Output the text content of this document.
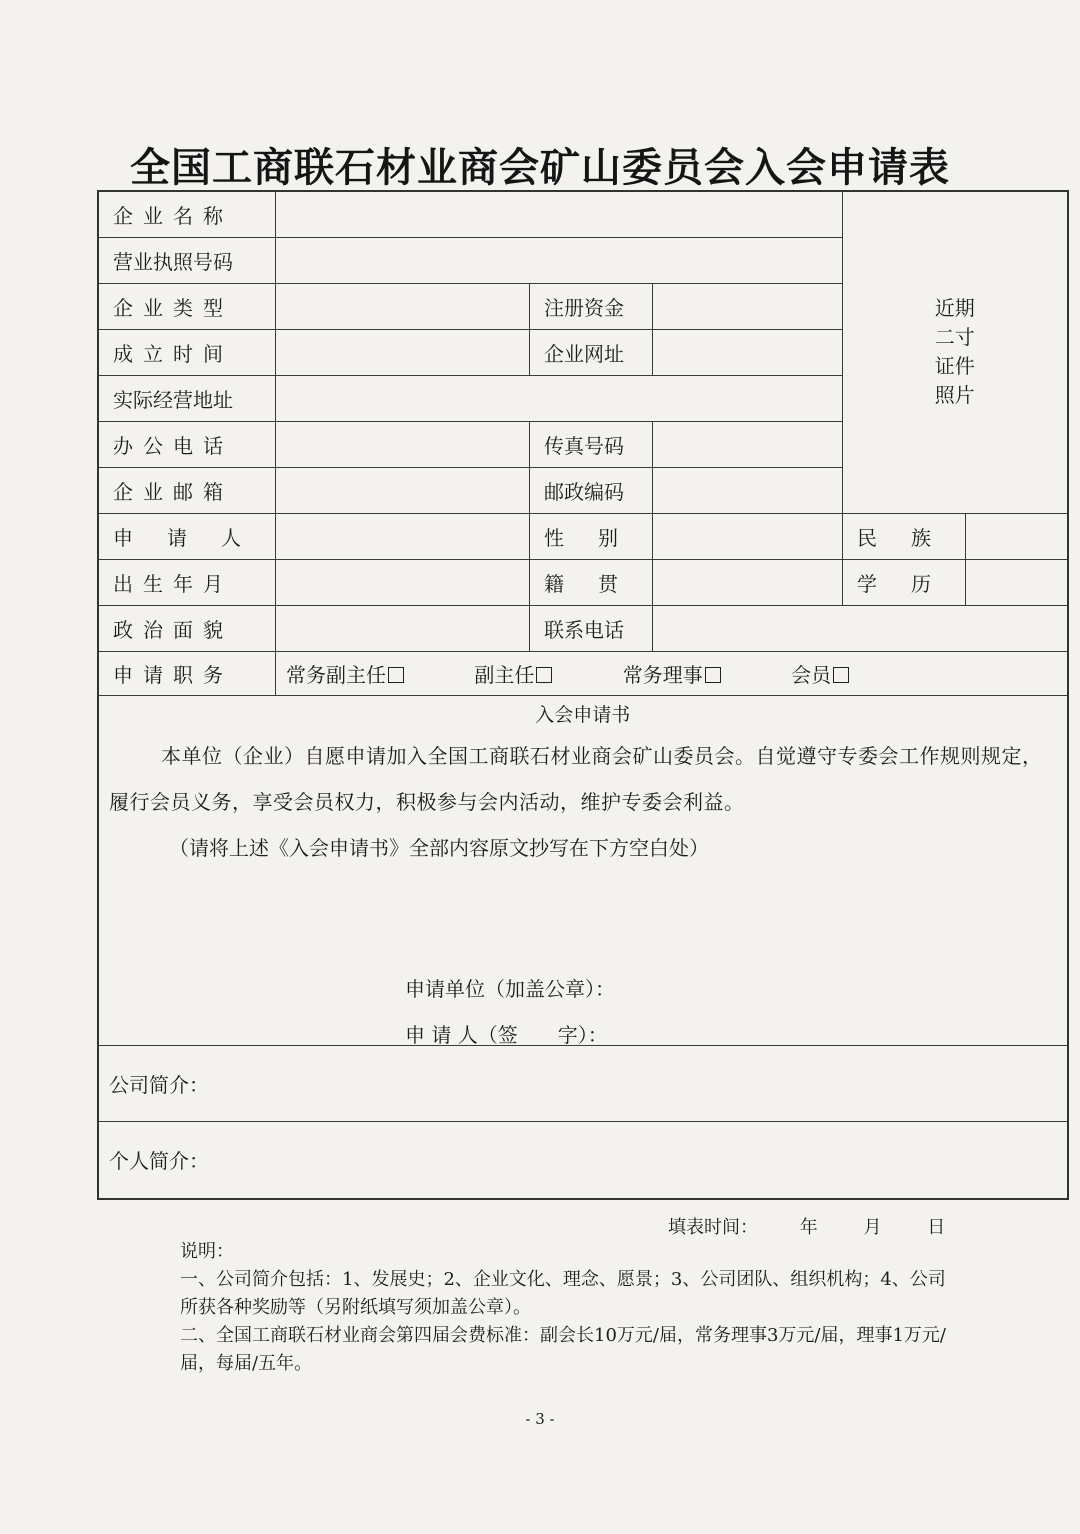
全国工商联石材业商会矿山委员会入会申请表
企业名称				近期
二寸
证件
照片	

营业执照号码					
企业类型		注册资金			
成立时间		企业网址			
实际经营地址					
办公电话		传真号码			
企业邮箱		邮政编码			
申请人		性别		民族	
出生年月		籍贯		学历	
政治面貌		联系电话			
申请职务	常务副主任 副主任 常务理事 会员				

入会申请书
本单位（企业）自愿申请加入全国工商联石材业商会矿山委员会。自觉遵守专委会工作规则规定，履行会员义务，享受会员权力，积极参与会内活动，维护专委会利益。
（请将上述《入会申请书》全部内容原文抄写在下方空白处）
申请单位（加盖公章）：
申 请 人（签　　字）：					

公司简介：					
个人简介：					
填表时间： 年	月	日

说明：

一、公司简介包括：1、发展史；2、企业文化、理念、愿景；3、公司团队、组织机构；4、公司所获各种奖励等（另附纸填写须加盖公章）。

二、全国工商联石材业商会第四届会费标准：副会长10万元/届，常务理事3万元/届，理事1万元/届，每届/五年。

- 3 -
